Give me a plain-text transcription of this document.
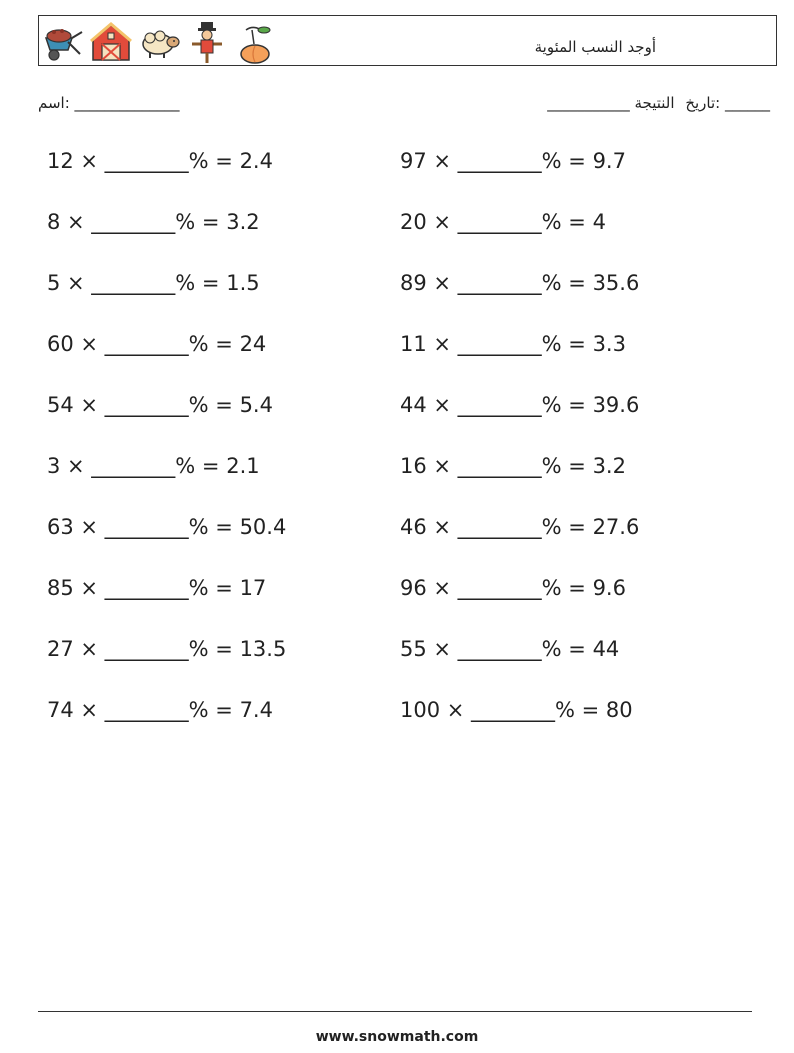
أوجد النسب المئوية
______________ :اسم	______ :تاريخ النتيجة ___________
12 × ________% = 2.4
8 × ________% = 3.2
5 × ________% = 1.5
60 × ________% = 24
54 × ________% = 5.4
3 × ________% = 2.1
63 × ________% = 50.4
85 × ________% = 17
27 × ________% = 13.5
74 × ________% = 7.4
97 × ________% = 9.7
20 × ________% = 4
89 × ________% = 35.6
11 × ________% = 3.3
44 × ________% = 39.6
16 × ________% = 3.2
46 × ________% = 27.6
96 × ________% = 9.6
55 × ________% = 44
100 × ________% = 80
www.snowmath.com
